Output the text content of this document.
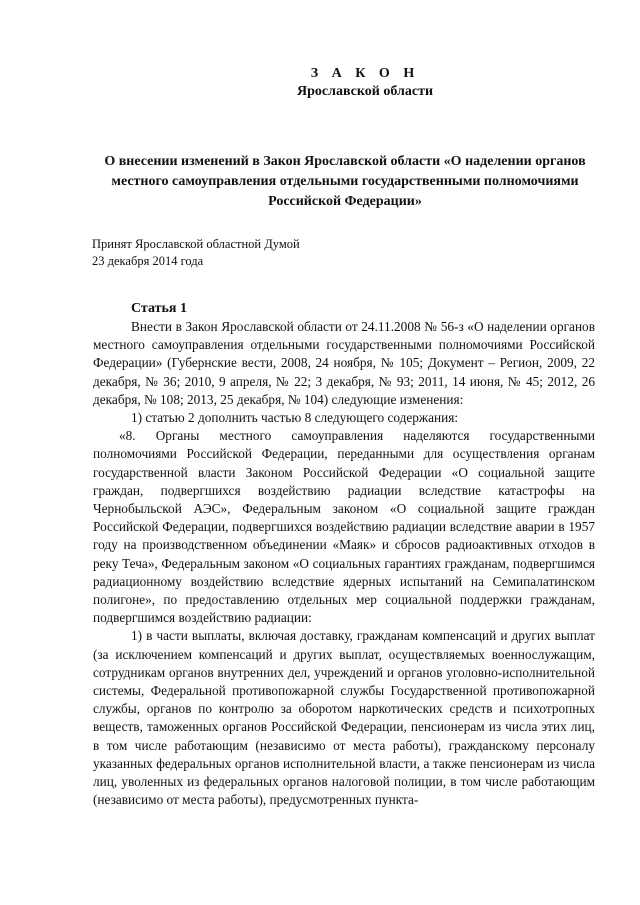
З А К О Н
Ярославской области
О внесении изменений в Закон Ярославской области «О наделении органов местного самоуправления отдельными государственными полномочиями Российской Федерации»
Принят Ярославской областной Думой
23 декабря 2014 года
Статья 1

Внести в Закон Ярославской области от 24.11.2008 № 56-з «О наделении органов местного самоуправления отдельными государственными полномочиями Российской Федерации» (Губернские вести, 2008, 24 ноября, № 105; Документ – Регион, 2009, 22 декабря, № 36; 2010, 9 апреля, № 22; 3 декабря, № 93; 2011, 14 июня, № 45; 2012, 26 декабря, № 108; 2013, 25 декабря, № 104) следующие изменения:

1) статью 2 дополнить частью 8 следующего содержания:

«8. Органы местного самоуправления наделяются государственными полномочиями Российской Федерации, переданными для осуществления органам государственной власти Законом Российской Федерации «О социальной защите граждан, подвергшихся воздействию радиации вследствие катастрофы на Чернобыльской АЭС», Федеральным законом «О социальной защите граждан Российской Федерации, подвергшихся воздействию радиации вследствие аварии в 1957 году на производственном объединении «Маяк» и сбросов радиоактивных отходов в реку Теча», Федеральным законом «О социальных гарантиях гражданам, подвергшимся радиационному воздействию вследствие ядерных испытаний на Семипалатинском полигоне», по предоставлению отдельных мер социальной поддержки гражданам, подвергшимся воздействию радиации:

1) в части выплаты, включая доставку, гражданам компенсаций и других выплат (за исключением компенсаций и других выплат, осуществляемых военнослужащим, сотрудникам органов внутренних дел, учреждений и органов уголовно-исполнительной системы, Федеральной противопожарной службы Государственной противопожарной службы, органов по контролю за оборотом наркотических средств и психотропных веществ, таможенных органов Российской Федерации, пенсионерам из числа этих лиц, в том числе работающим (независимо от места работы), гражданскому персоналу указанных федеральных органов исполнительной власти, а также пенсионерам из числа лиц, уволенных из федеральных органов налоговой полиции, в том числе работающим (независимо от места работы), предусмотренных пункта-
